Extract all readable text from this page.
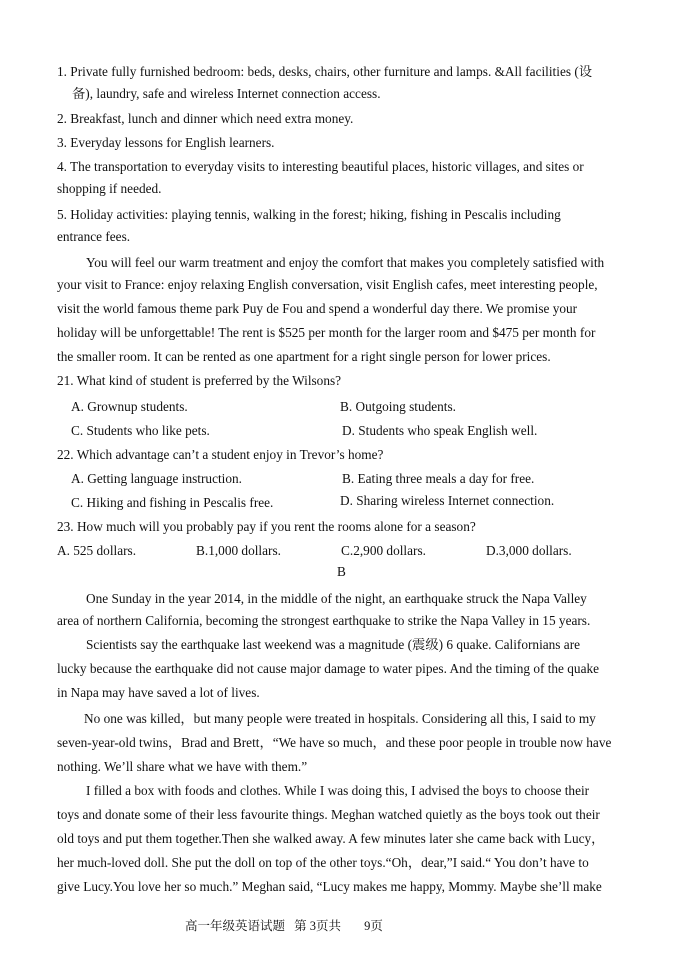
1. Private fully furnished bedroom: beds, desks, chairs, other furniture and lamps. &All facilities (设
备), laundry, safe and wireless Internet connection access.
2. Breakfast, lunch and dinner which need extra money.
3. Everyday lessons for English learners.
4. The transportation to everyday visits to interesting beautiful places, historic villages, and sites or
shopping if needed.
5. Holiday activities: playing tennis, walking in the forest; hiking, fishing in Pescalis including
entrance fees.
You will feel our warm treatment and enjoy the comfort that makes you completely satisfied with
your visit to France: enjoy relaxing English conversation, visit English cafes, meet interesting people,
visit the world famous theme park Puy de Fou and spend a wonderful day there. We promise your
holiday will be unforgettable! The rent is $525 per month for the larger room and $475 per month for
the smaller room. It can be rented as one apartment for a right single person for lower prices.
21. What kind of student is preferred by the Wilsons?
A. Grownup students.	B. Outgoing students.
C. Students who like pets.	D. Students who speak English well.
22. Which advantage can’t a student enjoy in Trevor’s home?
A. Getting language instruction.	B. Eating three meals a day for free.
C. Hiking and fishing in Pescalis free.	D. Sharing wireless Internet connection.
23. How much will you probably pay if you rent the rooms alone for a season?
A. 525 dollars.	B.1,000 dollars.	C.2,900 dollars.	D.3,000 dollars.
B
One Sunday in the year 2014, in the middle of the night, an earthquake struck the Napa Valley
area of northern California, becoming the strongest earthquake to strike the Napa Valley in 15 years.
Scientists say the earthquake last weekend was a magnitude (震级) 6 quake. Californians are
lucky because the earthquake did not cause major damage to water pipes. And the timing of the quake
in Napa may have saved a lot of lives.
No one was killed，but many people were treated in hospitals. Considering all this, I said to my
seven-year-old twins，Brad and Brett，“We have so much，and these poor people in trouble now have
nothing. We’ll share what we have with them.”
I filled a box with foods and clothes. While I was doing this, I advised the boys to choose their
toys and donate some of their less favourite things. Meghan watched quietly as the boys took out their
old toys and put them together.Then she walked away. A few minutes later she came back with Lucy，
her much-loved doll. She put the doll on top of the other toys.“Oh，dear,”I said.“ You don’t have to
give Lucy.You love her so much.” Meghan said, “Lucy makes me happy, Mommy. Maybe she’ll make
高一年级英语试题 第 3页共 9页
